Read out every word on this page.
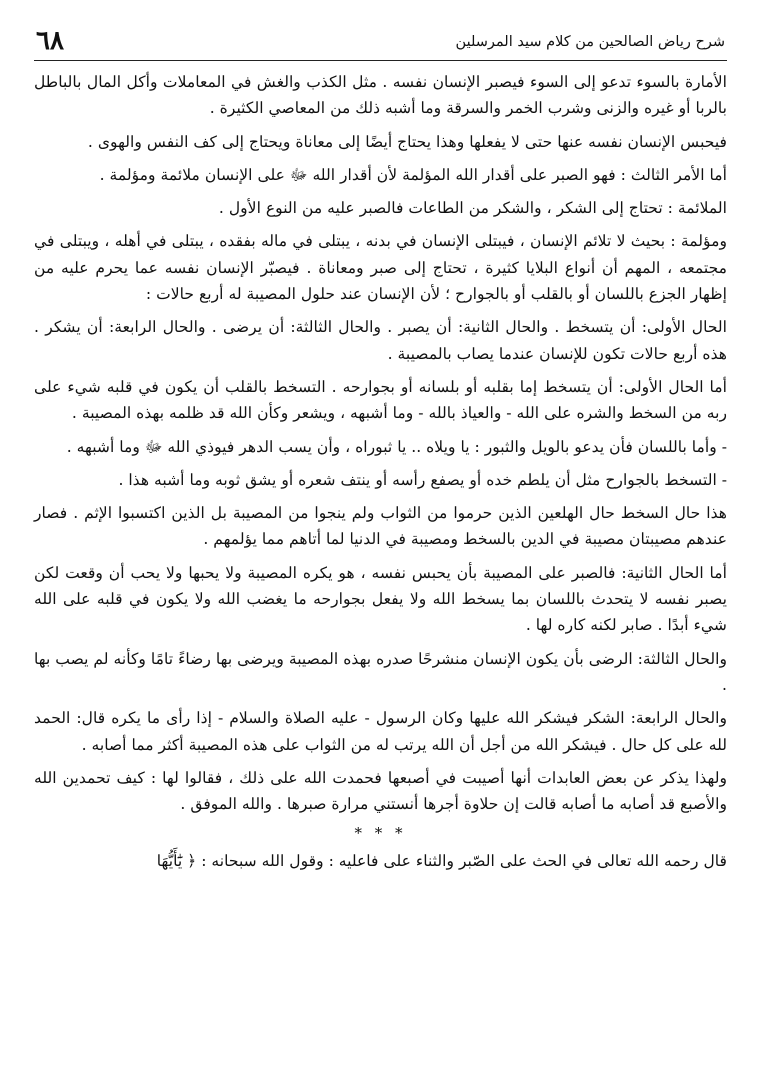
٦٨	شرح رياض الصالحين من كلام سيد المرسلين

الأمارة بالسوء تدعو إلى السوء فيصبر الإنسان نفسه . مثل الكذب والغش في المعاملات وأكل المال بالباطل بالربا أو غيره والزنى وشرب الخمر والسرقة وما أشبه ذلك من المعاصي الكثيرة .

فيحبس الإنسان نفسه عنها حتى لا يفعلها وهذا يحتاج أيضًا إلى معاناة ويحتاج إلى كف النفس والهوى .

أما الأمر الثالث : فهو الصبر على أقدار الله المؤلمة لأن أقدار الله ﷻ على الإنسان ملائمة ومؤلمة .

الملائمة : تحتاج إلى الشكر ، والشكر من الطاعات فالصبر عليه من النوع الأول .

ومؤلمة : بحيث لا تلائم الإنسان ، فيبتلى الإنسان في بدنه ، يبتلى في ماله بفقده ، يبتلى في أهله ، ويبتلى في مجتمعه ، المهم أن أنواع البلايا كثيرة ، تحتاج إلى صبر ومعاناة . فيصبّر الإنسان نفسه عما يحرم عليه من إظهار الجزع باللسان أو بالقلب أو بالجوارح ؛ لأن الإنسان عند حلول المصيبة له أربع حالات :

الحال الأولى: أن يتسخط . والحال الثانية: أن يصبر . والحال الثالثة: أن يرضى . والحال الرابعة: أن يشكر . هذه أربع حالات تكون للإنسان عندما يصاب بالمصيبة .

أما الحال الأولى: أن يتسخط إما بقلبه أو بلسانه أو بجوارحه . التسخط بالقلب أن يكون في قلبه شيء على ربه من السخط والشره على الله - والعياذ بالله - وما أشبهه ، ويشعر وكأن الله قد ظلمه بهذه المصيبة .

- وأما باللسان فأن يدعو بالويل والثبور : يا ويلاه .. يا ثبوراه ، وأن يسب الدهر فيوذي الله ﷻ وما أشبهه .

- التسخط بالجوارح مثل أن يلطم خده أو يصفع رأسه أو ينتف شعره أو يشق ثوبه وما أشبه هذا .

هذا حال السخط حال الهلعين الذين حرموا من الثواب ولم ينجوا من المصيبة بل الذين اكتسبوا الإثم . فصار عندهم مصيبتان مصيبة في الدين بالسخط ومصيبة في الدنيا لما أتاهم مما يؤلمهم .

أما الحال الثانية: فالصبر على المصيبة بأن يحبس نفسه ، هو يكره المصيبة ولا يحبها ولا يحب أن وقعت لكن يصبر نفسه لا يتحدث باللسان بما يسخط الله ولا يفعل بجوارحه ما يغضب الله ولا يكون في قلبه على الله شيء أبدًا . صابر لكنه كاره لها .

والحال الثالثة: الرضى بأن يكون الإنسان منشرحًا صدره بهذه المصيبة ويرضى بها رضاءً تامًا وكأنه لم يصب بها .

والحال الرابعة: الشكر فيشكر الله عليها وكان الرسول - عليه الصلاة والسلام - إذا رأى ما يكره قال: الحمد لله على كل حال . فيشكر الله من أجل أن الله يرتب له من الثواب على هذه المصيبة أكثر مما أصابه .

ولهذا يذكر عن بعض العابدات أنها أصيبت في أصبعها فحمدت الله على ذلك ، فقالوا لها : كيف تحمدين الله والأصبع قد أصابه ما أصابه قالت إن حلاوة أجرها أنستني مرارة صبرها . والله الموفق .

* * *
قال رحمه الله تعالى في الحث على الصّبر والثناء على فاعليه : وقول الله سبحانه : ﴿ يَٰٓأَيُّهَا
